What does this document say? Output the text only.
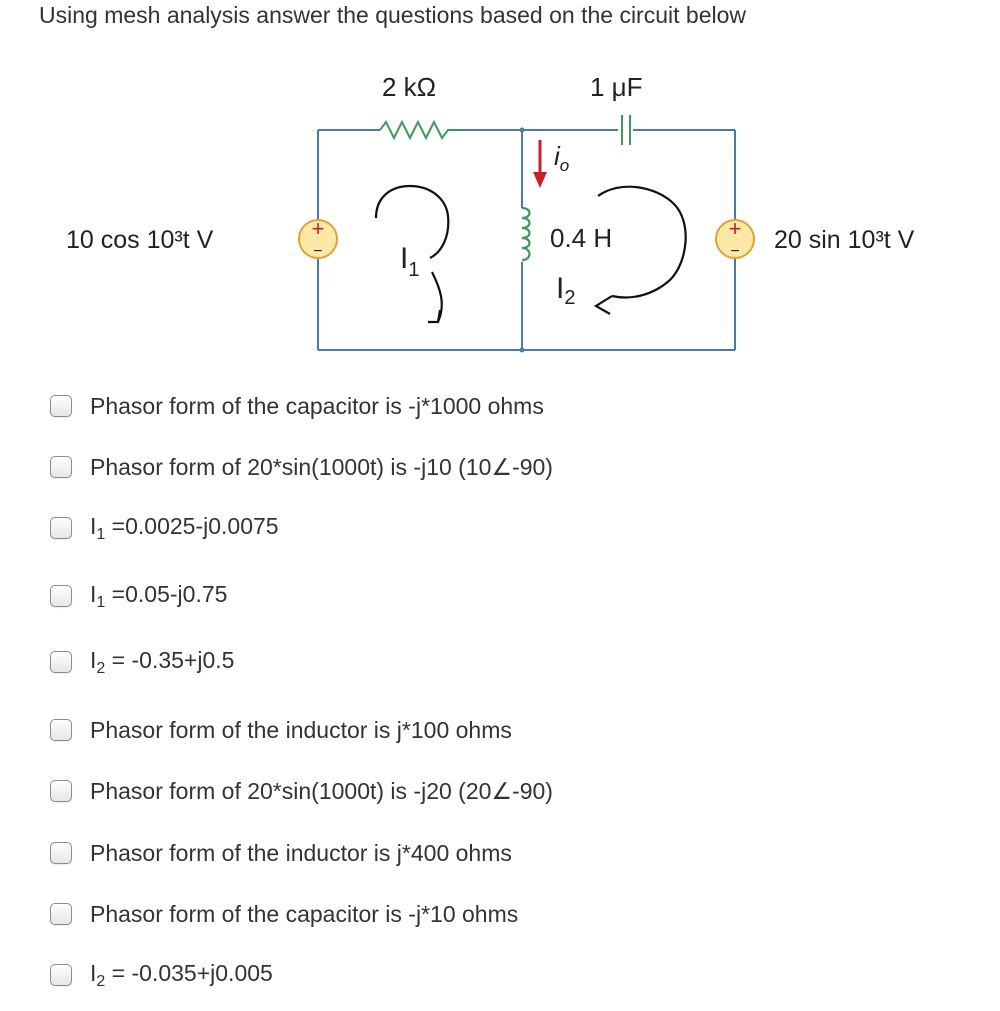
Using mesh analysis answer the questions based on the circuit below
2 kΩ	1 μF
0.4 H
$i_o$
+
−
10 cos 10³t V	+
− 20 sin 10³t V
$I_1$
$I_2$
Phasor form of the capacitor is -j*1000 ohms
Phasor form of 20*sin(1000t) is -j10 (10∠-90)
$I_1 =0.0025-j0.0075$
$I_1 =0.05-j0.75$
$I_2 = -0.35+j0.5$
Phasor form of the inductor is j*100 ohms
Phasor form of 20*sin(1000t) is -j20 (20∠-90)
Phasor form of the inductor is j*400 ohms
Phasor form of the capacitor is -j*10 ohms
$I_2 = -0.035+j0.005$
